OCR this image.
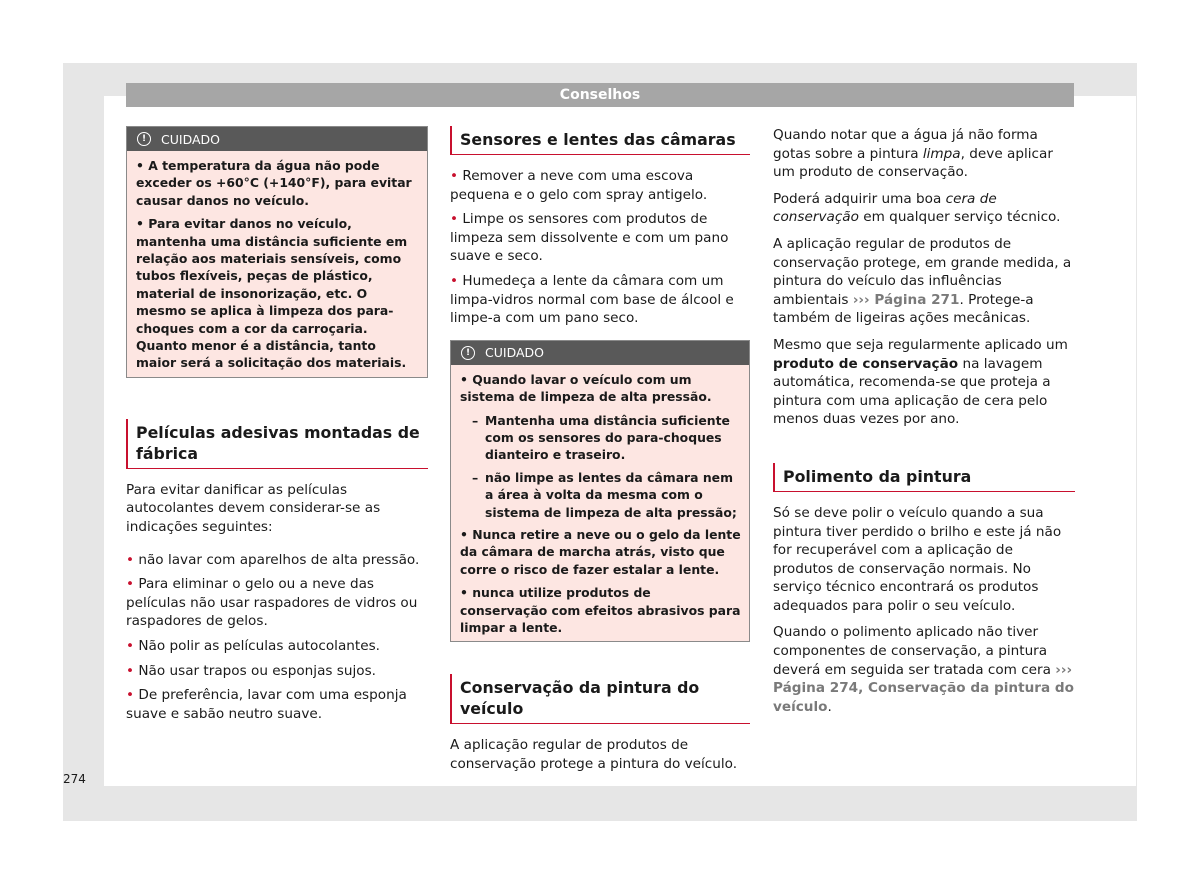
Conselhos
!	CUIDADO
• A temperatura da água não pode exceder os +60°C (+140°F), para evitar causar danos no veículo.
• Para evitar danos no veículo, mantenha uma distância suficiente em relação aos materiais sensíveis, como tubos flexíveis, peças de plástico, material de insonorização, etc. O mesmo se aplica à limpeza dos para-choques com a cor da carroçaria. Quanto menor é a distância, tanto maior será a solicitação dos materiais.
Películas adesivas montadas de fábrica

Para evitar danificar as películas autocolantes devem considerar-se as indicações seguintes:

• não lavar com aparelhos de alta pressão.
• Para eliminar o gelo ou a neve das películas não usar raspadores de vidros ou raspadores de gelos.
• Não polir as películas autocolantes.
• Não usar trapos ou esponjas sujos.
• De preferência, lavar com uma esponja suave e sabão neutro suave.
Sensores e lentes das câmaras
• Remover a neve com uma escova pequena e o gelo com spray antigelo.
• Limpe os sensores com produtos de limpeza sem dissolvente e com um pano suave e seco.
• Humedeça a lente da câmara com um limpa-vidros normal com base de álcool e limpe-a com um pano seco.
!	CUIDADO
• Quando lavar o veículo com um sistema de limpeza de alta pressão.
– Mantenha uma distância suficiente com os sensores do para-choques dianteiro e traseiro.
– não limpe as lentes da câmara nem a área à volta da mesma com o sistema de limpeza de alta pressão;
• Nunca retire a neve ou o gelo da lente da câmara de marcha atrás, visto que corre o risco de fazer estalar a lente.
• nunca utilize produtos de conservação com efeitos abrasivos para limpar a lente.
Conservação da pintura do veículo

A aplicação regular de produtos de conservação protege a pintura do veículo.

Quando notar que a água já não forma gotas sobre a pintura limpa, deve aplicar um produto de conservação.

Poderá adquirir uma boa cera de conservação em qualquer serviço técnico.

A aplicação regular de produtos de conservação protege, em grande medida, a pintura do veículo das influências ambientais ››› Página 271. Protege-a também de ligeiras ações mecânicas.

Mesmo que seja regularmente aplicado um produto de conservação na lavagem automática, recomenda-se que proteja a pintura com uma aplicação de cera pelo menos duas vezes por ano.

Polimento da pintura

Só se deve polir o veículo quando a sua pintura tiver perdido o brilho e este já não for recuperável com a aplicação de produtos de conservação normais. No serviço técnico encontrará os produtos adequados para polir o seu veículo.

Quando o polimento aplicado não tiver componentes de conservação, a pintura deverá em seguida ser tratada com cera ››› Página 274, Conservação da pintura do veículo.

274
